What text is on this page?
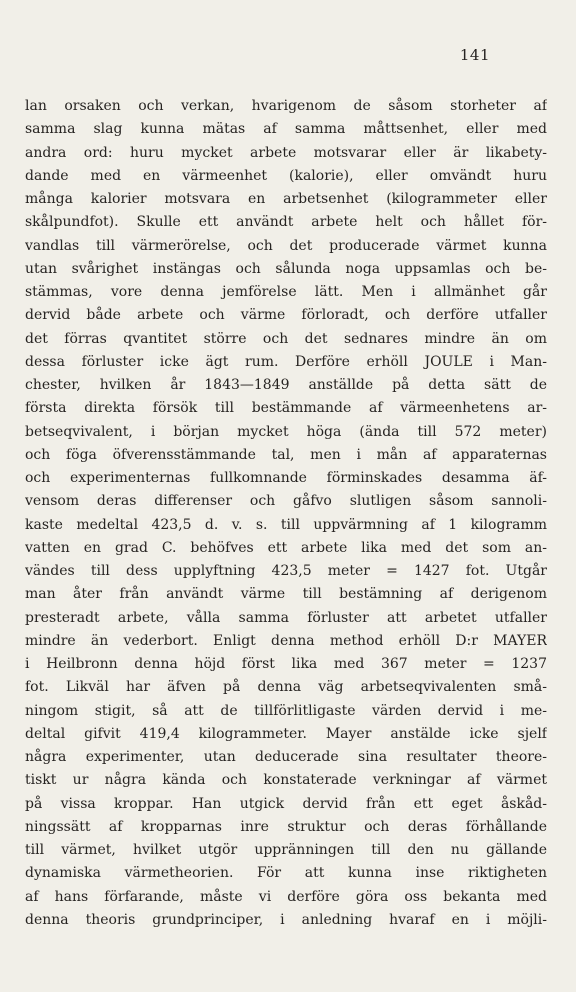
141
lan orsaken och verkan, hvarigenom de såsom storheter af
samma slag kunna mätas af samma måttsenhet, eller med
andra ord: huru mycket arbete motsvarar eller är likabety-
dande med en värmeenhet (kalorie), eller omvändt huru
många kalorier motsvara en arbetsenhet (kilogrammeter eller
skålpundfot). Skulle ett användt arbete helt och hållet för-
vandlas till värmerörelse, och det producerade värmet kunna
utan svårighet instängas och sålunda noga uppsamlas och be-
stämmas, vore denna jemförelse lätt. Men i allmänhet går
dervid både arbete och värme förloradt, och derföre utfaller
det förras qvantitet större och det sednares mindre än om
dessa förluster icke ägt rum. Derföre erhöll JOULE i Man-
chester, hvilken år 1843—1849 anställde på detta sätt de
första direkta försök till bestämmande af värmeenhetens ar-
betseqvivalent, i början mycket höga (ända till 572 meter)
och föga öfverensstämmande tal, men i mån af apparaternas
och experimenternas fullkomnande förminskades desamma äf-
vensom deras differenser och gåfvo slutligen såsom sannoli-
kaste medeltal 423,5 d. v. s. till uppvärmning af 1 kilogramm
vatten en grad C. behöfves ett arbete lika med det som an-
vändes till dess upplyftning 423,5 meter = 1427 fot. Utgår
man åter från användt värme till bestämning af derigenom
presteradt arbete, vålla samma förluster att arbetet utfaller
mindre än vederbort. Enligt denna method erhöll D:r MAYER
i Heilbronn denna höjd först lika med 367 meter = 1237
fot. Likväl har äfven på denna väg arbetseqvivalenten små-
ningom stigit, så att de tillförlitligaste värden dervid i me-
deltal gifvit 419,4 kilogrammeter. Mayer anstälde icke sjelf
några experimenter, utan deducerade sina resultater theore-
tiskt ur några kända och konstaterade verkningar af värmet
på vissa kroppar. Han utgick dervid från ett eget åskåd-
ningssätt af kropparnas inre struktur och deras förhållande
till värmet, hvilket utgör uppränningen till den nu gällande
dynamiska värmetheorien. För att kunna inse riktigheten
af hans förfarande, måste vi derföre göra oss bekanta med
denna theoris grundprinciper, i anledning hvaraf en i möjli-
